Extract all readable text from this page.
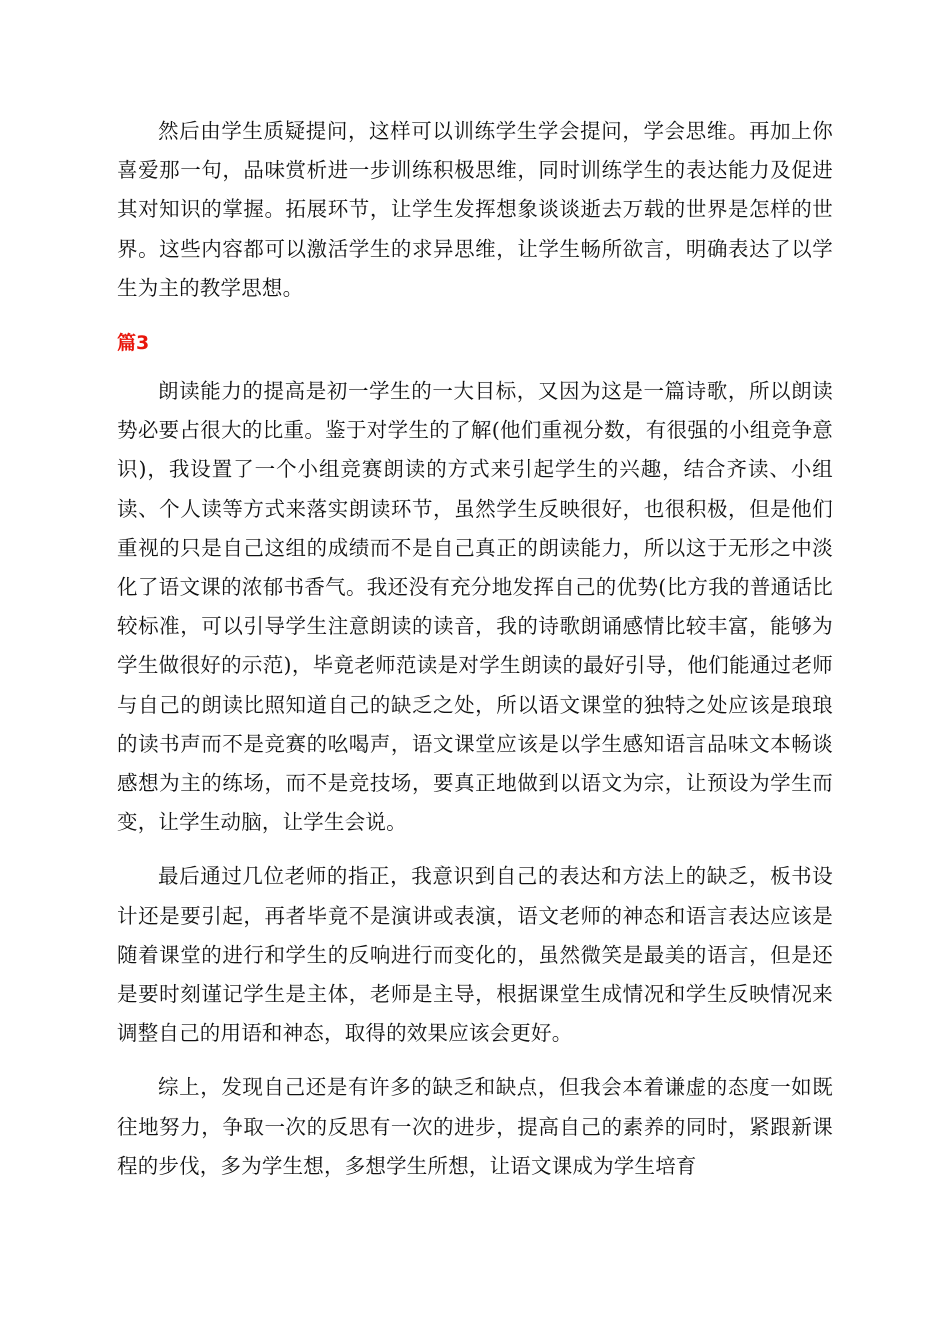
然后由学生质疑提问，这样可以训练学生学会提问，学会思维。再加上你喜爱那一句，品味赏析进一步训练积极思维，同时训练学生的表达能力及促进其对知识的掌握。拓展环节，让学生发挥想象谈谈逝去万载的世界是怎样的世界。这些内容都可以激活学生的求异思维，让学生畅所欲言，明确表达了以学生为主的教学思想。

篇3

朗读能力的提高是初一学生的一大目标，又因为这是一篇诗歌，所以朗读势必要占很大的比重。鉴于对学生的了解(他们重视分数，有很强的小组竞争意识)，我设置了一个小组竞赛朗读的方式来引起学生的兴趣，结合齐读、小组读、个人读等方式来落实朗读环节，虽然学生反映很好，也很积极，但是他们重视的只是自己这组的成绩而不是自己真正的朗读能力，所以这于无形之中淡化了语文课的浓郁书香气。我还没有充分地发挥自己的优势(比方我的普通话比较标准，可以引导学生注意朗读的读音，我的诗歌朗诵感情比较丰富，能够为学生做很好的示范)，毕竟老师范读是对学生朗读的最好引导，他们能通过老师与自己的朗读比照知道自己的缺乏之处，所以语文课堂的独特之处应该是琅琅的读书声而不是竞赛的吆喝声，语文课堂应该是以学生感知语言品味文本畅谈感想为主的练场，而不是竞技场，要真正地做到以语文为宗，让预设为学生而变，让学生动脑，让学生会说。

最后通过几位老师的指正，我意识到自己的表达和方法上的缺乏，板书设计还是要引起，再者毕竟不是演讲或表演，语文老师的神态和语言表达应该是随着课堂的进行和学生的反响进行而变化的，虽然微笑是最美的语言，但是还是要时刻谨记学生是主体，老师是主导，根据课堂生成情况和学生反映情况来调整自己的用语和神态，取得的效果应该会更好。

综上，发现自己还是有许多的缺乏和缺点，但我会本着谦虚的态度一如既往地努力，争取一次的反思有一次的进步，提高自己的素养的同时，紧跟新课程的步伐，多为学生想，多想学生所想，让语文课成为学生培育
